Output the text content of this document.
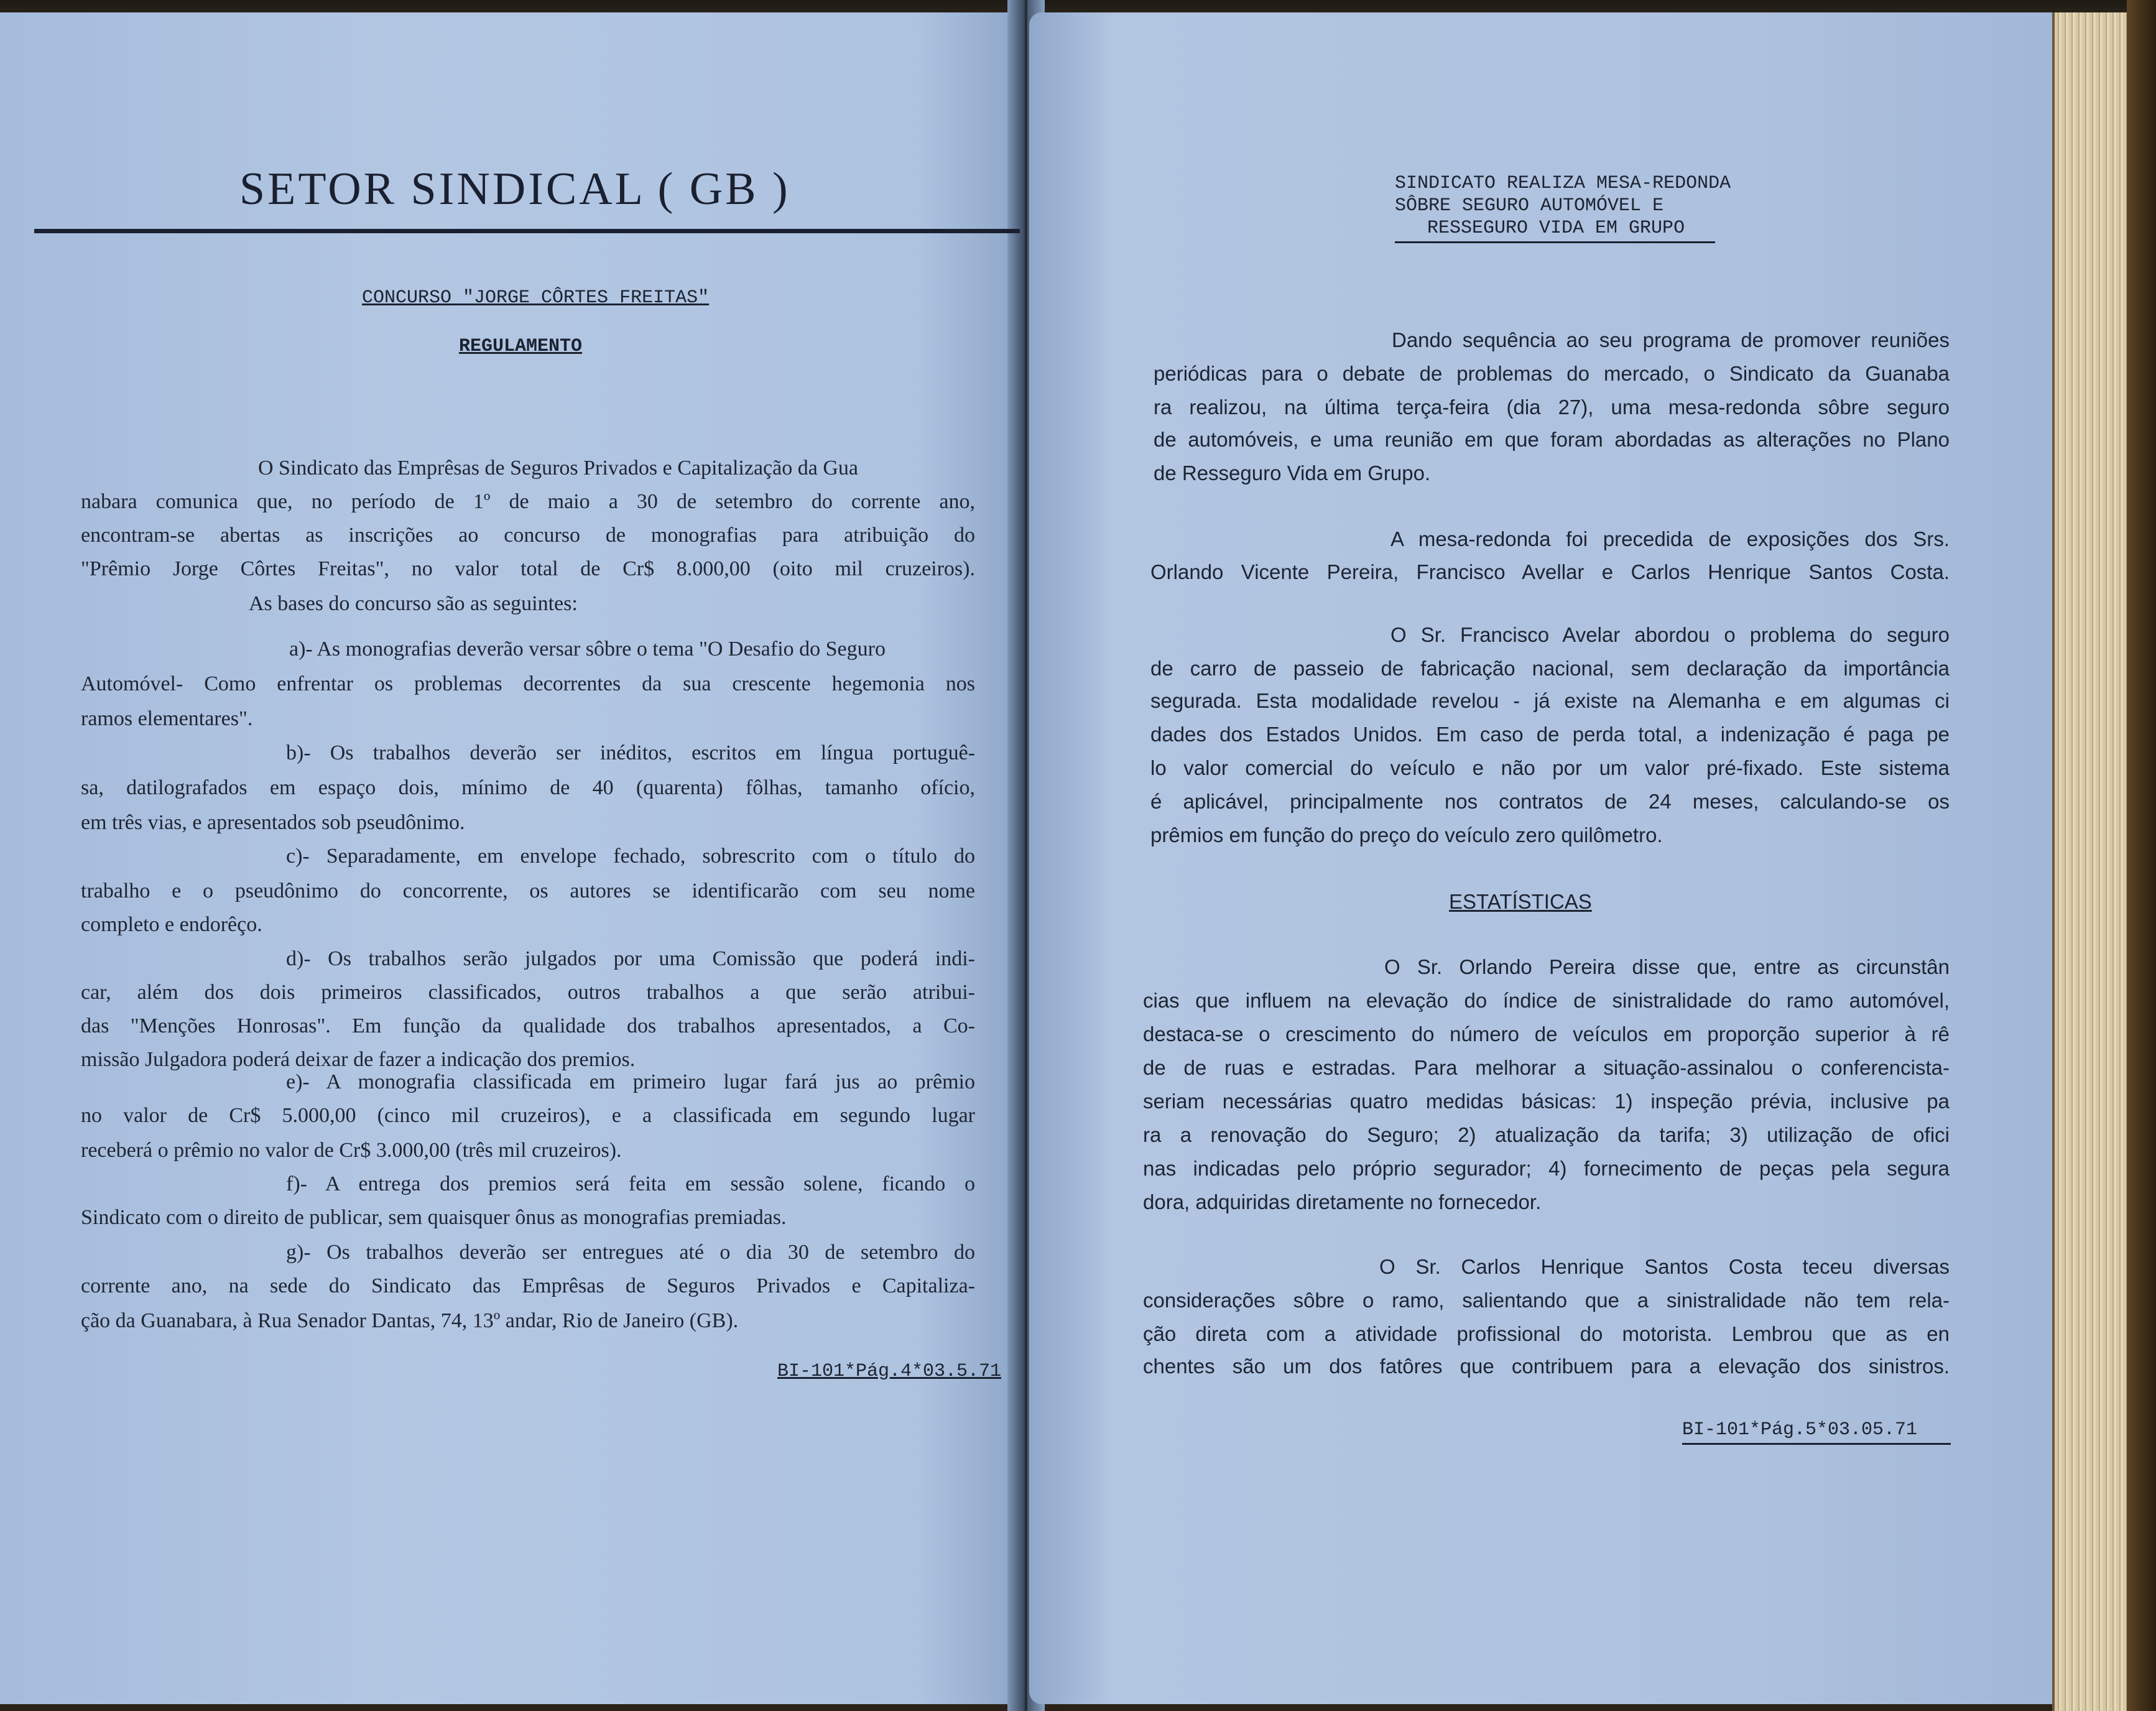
SETOR SINDICAL ( GB )
CONCURSO "JORGE CÔRTES FREITAS"
REGULAMENTO
O Sindicato das Emprêsas de Seguros Privados e Capitalização da Gua
nabara comunica que, no período de 1º de maio a 30 de setembro do corrente ano,
encontram-se abertas as inscrições ao concurso de monografias para atribuição do
"Prêmio Jorge Côrtes Freitas", no valor total de Cr$ 8.000,00 (oito mil cruzeiros).
As bases do concurso são as seguintes:
a)- As monografias deverão versar sôbre o tema "O Desafio do Seguro
Automóvel- Como enfrentar os problemas decorrentes da sua crescente hegemonia nos
ramos elementares".
b)- Os trabalhos deverão ser inéditos, escritos em língua portuguê-
sa, datilografados em espaço dois, mínimo de 40 (quarenta) fôlhas, tamanho ofício,
em três vias, e apresentados sob pseudônimo.
c)- Separadamente, em envelope fechado, sobrescrito com o título do
trabalho e o pseudônimo do concorrente, os autores se identificarão com seu nome
completo e endorêço.
d)- Os trabalhos serão julgados por uma Comissão que poderá indi-
car, além dos dois primeiros classificados, outros trabalhos a que serão atribui-
das "Menções Honrosas". Em função da qualidade dos trabalhos apresentados, a Co-
missão Julgadora poderá deixar de fazer a indicação dos premios.
e)- A monografia classificada em primeiro lugar fará jus ao prêmio
no valor de Cr$ 5.000,00 (cinco mil cruzeiros), e a classificada em segundo lugar
receberá o prêmio no valor de Cr$ 3.000,00 (três mil cruzeiros).
f)- A entrega dos premios será feita em sessão solene, ficando o
Sindicato com o direito de publicar, sem quaisquer ônus as monografias premiadas.
g)- Os trabalhos deverão ser entregues até o dia 30 de setembro do
corrente ano, na sede do Sindicato das Emprêsas de Seguros Privados e Capitaliza-
ção da Guanabara, à Rua Senador Dantas, 74, 13º andar, Rio de Janeiro (GB).
BI-101*Pág.4*03.5.71
SINDICATO REALIZA MESA-REDONDA
SÔBRE SEGURO AUTOMÓVEL E
RESSEGURO VIDA EM GRUPO
Dando sequência ao seu programa de promover reuniões
periódicas para o debate de problemas do mercado, o Sindicato da Guanaba
ra realizou, na última terça-feira (dia 27), uma mesa-redonda sôbre seguro
de automóveis, e uma reunião em que foram abordadas as alterações no Plano
de Resseguro Vida em Grupo.
A mesa-redonda foi precedida de exposições dos Srs.
Orlando Vicente Pereira, Francisco Avellar e Carlos Henrique Santos Costa.
O Sr. Francisco Avelar abordou o problema do seguro
de carro de passeio de fabricação nacional, sem declaração da importância
segurada. Esta modalidade revelou - já existe na Alemanha e em algumas ci
dades dos Estados Unidos. Em caso de perda total, a indenização é paga pe
lo valor comercial do veículo e não por um valor pré-fixado. Este sistema
é aplicável, principalmente nos contratos de 24 meses, calculando-se os
prêmios em função do preço do veículo zero quilômetro.
ESTATÍSTICAS
O Sr. Orlando Pereira disse que, entre as circunstân
cias que influem na elevação do índice de sinistralidade do ramo automóvel,
destaca-se o crescimento do número de veículos em proporção superior à rê
de de ruas e estradas. Para melhorar a situação-assinalou o conferencista-
seriam necessárias quatro medidas básicas: 1) inspeção prévia, inclusive pa
ra a renovação do Seguro; 2) atualização da tarifa; 3) utilização de ofici
nas indicadas pelo próprio segurador; 4) fornecimento de peças pela segura
dora, adquiridas diretamente no fornecedor.
O Sr. Carlos Henrique Santos Costa teceu diversas
considerações sôbre o ramo, salientando que a sinistralidade não tem rela-
ção direta com a atividade profissional do motorista. Lembrou que as en
chentes são um dos fatôres que contribuem para a elevação dos sinistros.
BI-101*Pág.5*03.05.71
